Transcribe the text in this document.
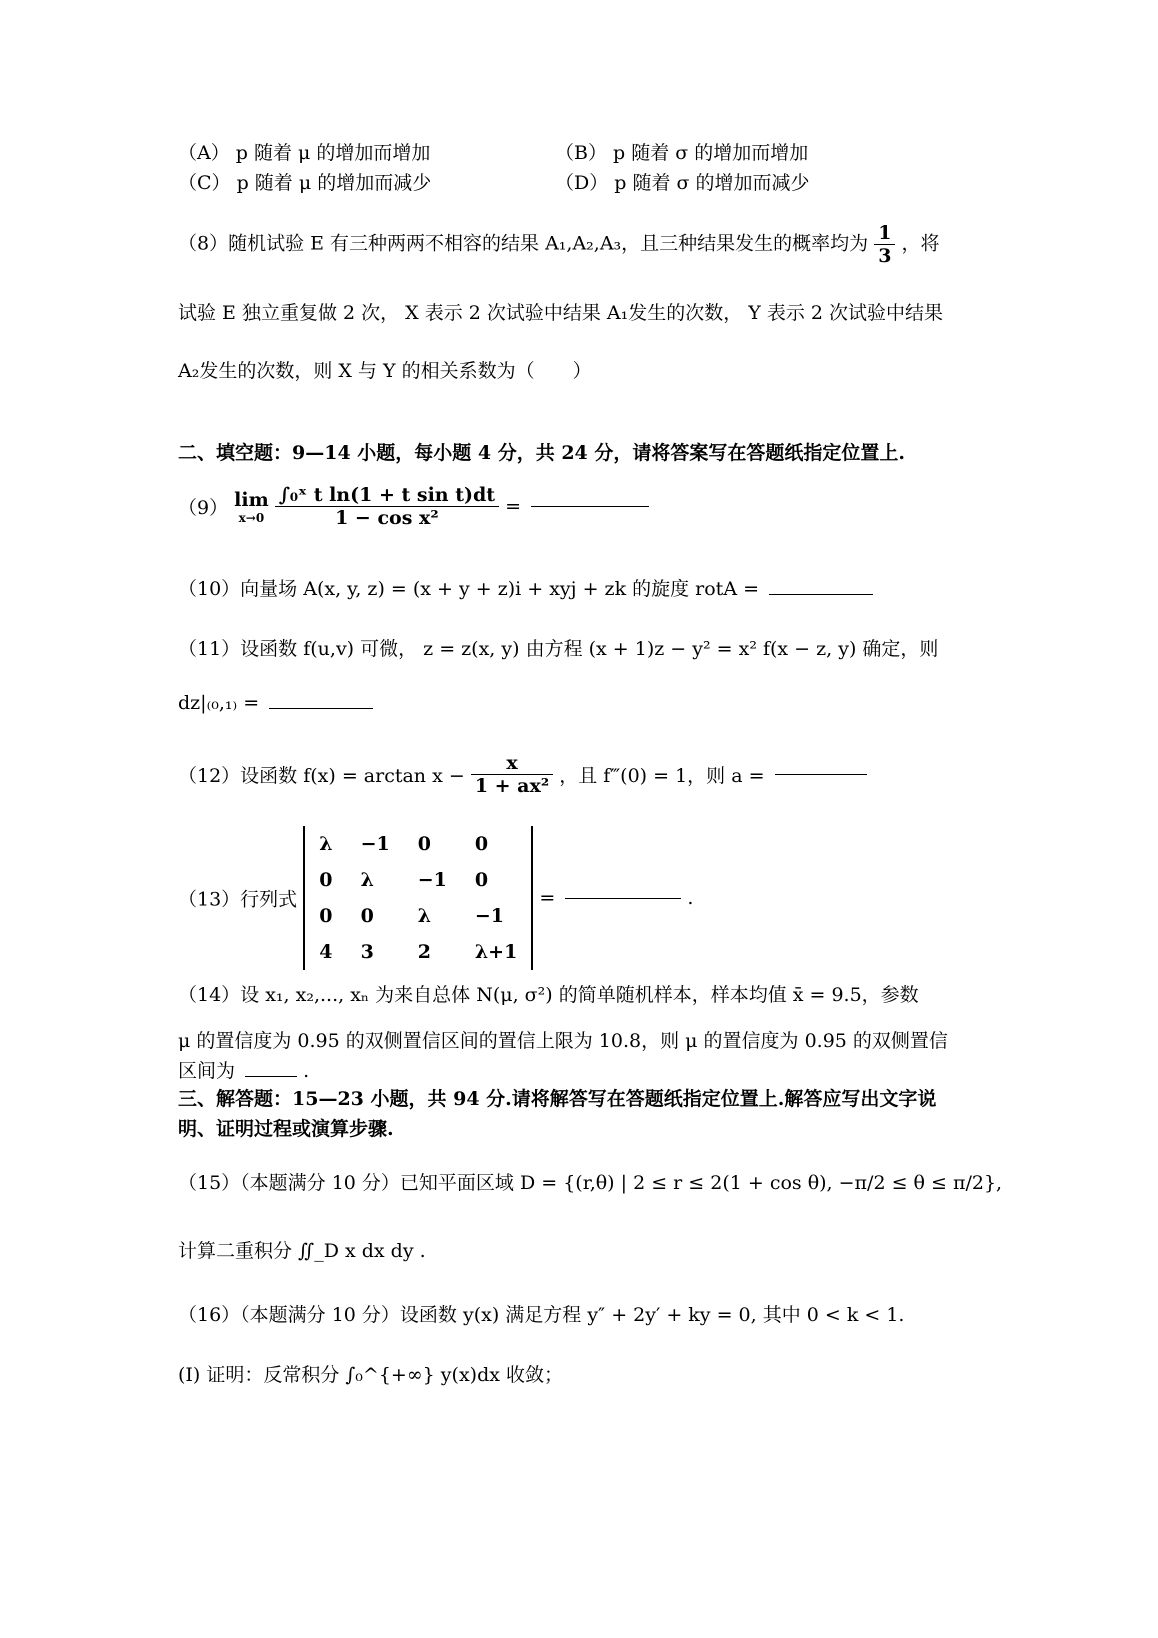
（A） p 随着 μ 的增加而增加	（B） p 随着 σ 的增加而增加
（C） p 随着 μ 的增加而减少	（D） p 随着 σ 的增加而减少
（8）随机试验 E 有三种两两不相容的结果 A₁,A₂,A₃，且三种结果发生的概率均为 $\frac{1}{3}$ ，将
试验 E 独立重复做 2 次， X 表示 2 次试验中结果 A₁发生的次数， Y 表示 2 次试验中结果
A₂发生的次数，则 X 与 Y 的相关系数为（　　）
二、填空题：9—14 小题，每小题 4 分，共 24 分，请将答案写在答题纸指定位置上.
（9） lim
x→0
$\frac{\text{∫₀ˣ t ln(1 + t sin t)dt}}{\text{1 − cos x²}}$ =
（10）向量场 A(x, y, z) = (x + y + z)i + xyj + zk 的旋度 rotA =
（11）设函数 f(u,v) 可微， z = z(x, y) 由方程 (x + 1)z − y² = x² f(x − z, y) 确定，则
dz|₍₀,₁₎ =
（12）设函数 $f(x) = \arctan x - \frac{x}{\text{1 + ax²}}$ ，且 f‴(0) = 1，则 a =
（13）行列式
λ	−1	0	0
0	λ	−1	0
0	0	λ	−1
4	3	2	λ+1
=	.
（14）设 x₁, x₂,..., xₙ 为来自总体 N(μ, σ²) 的简单随机样本，样本均值 x̄ = 9.5，参数
μ 的置信度为 0.95 的双侧置信区间的置信上限为 10.8，则 μ 的置信度为 0.95 的双侧置信
区间为	.
三、解答题：15—23 小题，共 94 分.请将解答写在答题纸指定位置上.解答应写出文字说
明、证明过程或演算步骤.
（15）（本题满分 10 分）已知平面区域 D = {(r,θ) | 2 ≤ r ≤ 2(1 + cos θ), −π/2 ≤ θ ≤ π/2},
计算二重积分 ∬_D x dx dy .
（16）（本题满分 10 分）设函数 y(x) 满足方程 y″ + 2y′ + ky = 0, 其中 0 < k < 1.
(I) 证明：反常积分 ∫₀^{+∞} y(x)dx 收敛；
